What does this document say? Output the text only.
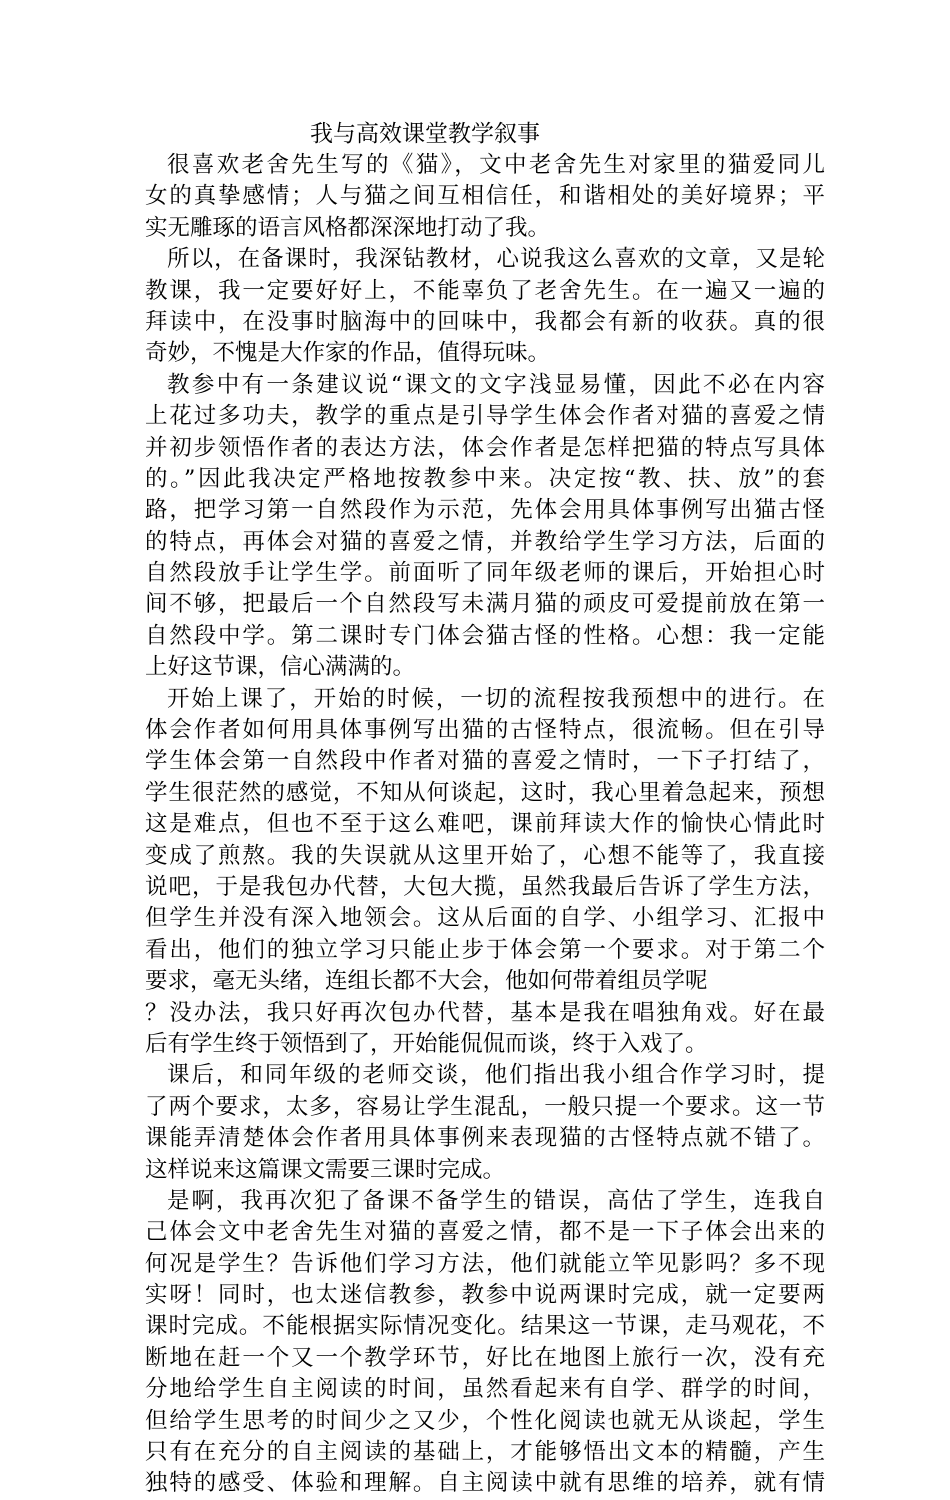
我与高效课堂教学叙事
很喜欢老舍先生写的《猫》，文中老舍先生对家里的猫爱同儿
女的真挚感情；人与猫之间互相信任，和谐相处的美好境界；平
实无雕琢的语言风格都深深地打动了我。
所以，在备课时，我深钻教材，心说我这么喜欢的文章，又是轮
教课，我一定要好好上，不能辜负了老舍先生。在一遍又一遍的
拜读中，在没事时脑海中的回味中，我都会有新的收获。真的很
奇妙，不愧是大作家的作品，值得玩味。
教参中有一条建议说“课文的文字浅显易懂，因此不必在内容
上花过多功夫，教学的重点是引导学生体会作者对猫的喜爱之情
并初步领悟作者的表达方法，体会作者是怎样把猫的特点写具体
的。”因此我决定严格地按教参中来。决定按“教、扶、放”的套
路，把学习第一自然段作为示范，先体会用具体事例写出猫古怪
的特点，再体会对猫的喜爱之情，并教给学生学习方法，后面的
自然段放手让学生学。前面听了同年级老师的课后，开始担心时
间不够，把最后一个自然段写未满月猫的顽皮可爱提前放在第一
自然段中学。第二课时专门体会猫古怪的性格。心想：我一定能
上好这节课，信心满满的。
开始上课了，开始的时候，一切的流程按我预想中的进行。在
体会作者如何用具体事例写出猫的古怪特点，很流畅。但在引导
学生体会第一自然段中作者对猫的喜爱之情时，一下子打结了，
学生很茫然的感觉，不知从何谈起，这时，我心里着急起来，预想
这是难点，但也不至于这么难吧，课前拜读大作的愉快心情此时
变成了煎熬。我的失误就从这里开始了，心想不能等了，我直接
说吧，于是我包办代替，大包大揽，虽然我最后告诉了学生方法，
但学生并没有深入地领会。这从后面的自学、小组学习、汇报中
看出，他们的独立学习只能止步于体会第一个要求。对于第二个
要求，毫无头绪，连组长都不大会，他如何带着组员学呢
？没办法，我只好再次包办代替，基本是我在唱独角戏。好在最
后有学生终于领悟到了，开始能侃侃而谈，终于入戏了。
课后，和同年级的老师交谈，他们指出我小组合作学习时，提
了两个要求，太多，容易让学生混乱，一般只提一个要求。这一节
课能弄清楚体会作者用具体事例来表现猫的古怪特点就不错了。
这样说来这篇课文需要三课时完成。
是啊，我再次犯了备课不备学生的错误，高估了学生，连我自
己体会文中老舍先生对猫的喜爱之情，都不是一下子体会出来的
何况是学生？告诉他们学习方法，他们就能立竿见影吗？多不现
实呀！同时，也太迷信教参，教参中说两课时完成，就一定要两
课时完成。不能根据实际情况变化。结果这一节课，走马观花，不
断地在赶一个又一个教学环节，好比在地图上旅行一次，没有充
分地给学生自主阅读的时间，虽然看起来有自学、群学的时间，
但给学生思考的时间少之又少，个性化阅读也就无从谈起，学生
只有在充分的自主阅读的基础上，才能够悟出文本的精髓，产生
独特的感受、体验和理解。自主阅读中就有思维的培养，就有情
